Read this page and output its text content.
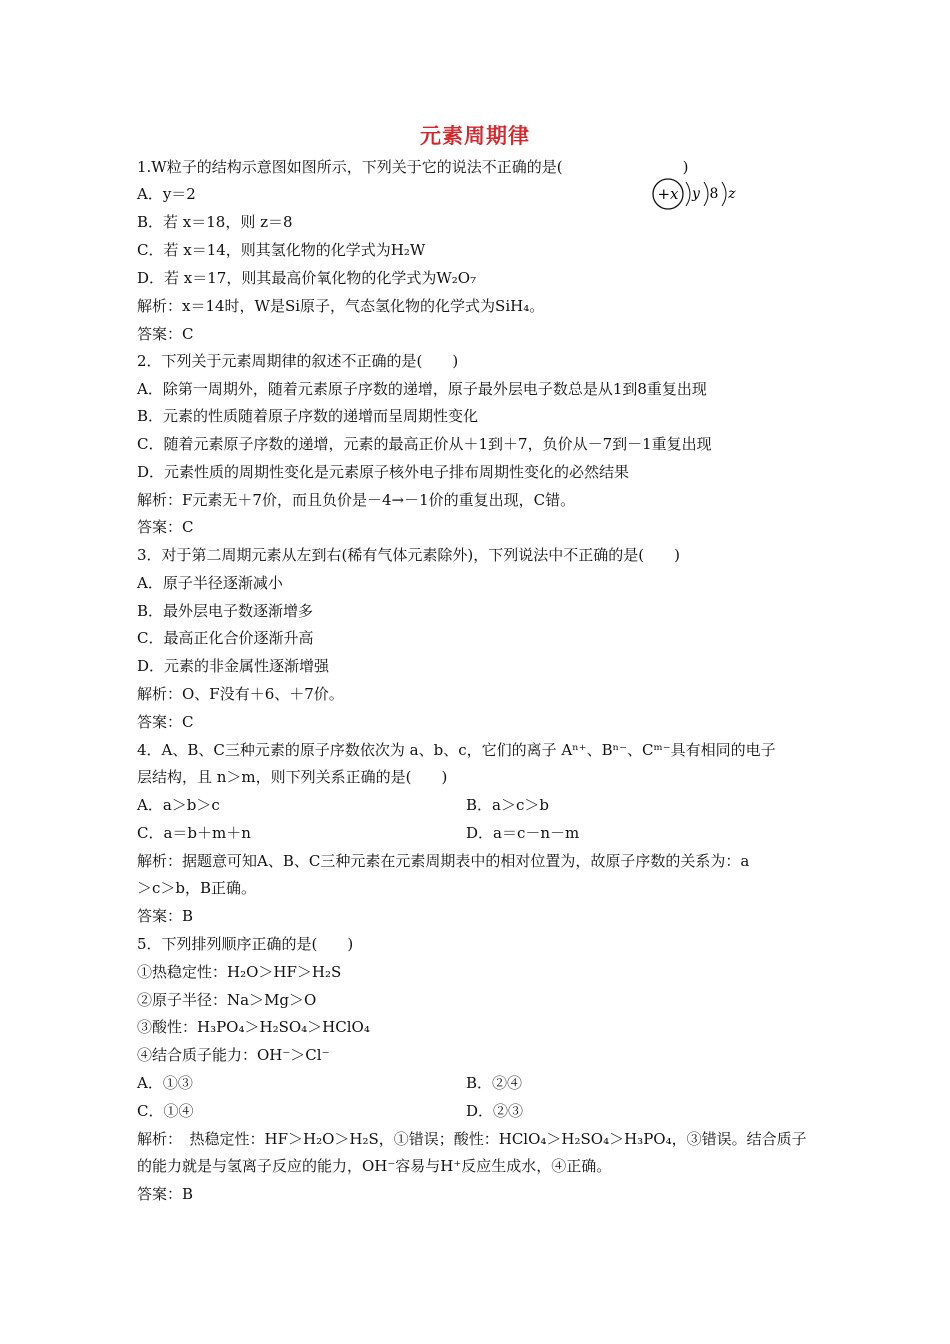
元素周期律
+x y 8 z
1.W粒子的结构示意图如图所示，下列关于它的说法不正确的是(　　　　　　　　)
A．y＝2
B．若 x＝18，则 z＝8
C．若 x＝14，则其氢化物的化学式为H₂W
D．若 x＝17，则其最高价氧化物的化学式为W₂O₇
解析：x＝14时，W是Si原子，气态氢化物的化学式为SiH₄。
答案：C
2．下列关于元素周期律的叙述不正确的是(　　)
A．除第一周期外，随着元素原子序数的递增，原子最外层电子数总是从1到8重复出现
B．元素的性质随着原子序数的递增而呈周期性变化
C．随着元素原子序数的递增，元素的最高正价从＋1到＋7，负价从－7到－1重复出现
D．元素性质的周期性变化是元素原子核外电子排布周期性变化的必然结果
解析：F元素无＋7价，而且负价是－4→－1价的重复出现，C错。
答案：C
3．对于第二周期元素从左到右(稀有气体元素除外)，下列说法中不正确的是(　　)
A．原子半径逐渐减小
B．最外层电子数逐渐增多
C．最高正化合价逐渐升高
D．元素的非金属性逐渐增强
解析：O、F没有＋6、＋7价。
答案：C
4．A、B、C三种元素的原子序数依次为 a、b、c，它们的离子 Aⁿ⁺、Bⁿ⁻、Cᵐ⁻具有相同的电子
层结构，且 n＞m，则下列关系正确的是(　　)
A．a＞b＞c	B．a＞c＞b
C．a＝b＋m＋n	D．a＝c－n－m
解析：据题意可知A、B、C三种元素在元素周期表中的相对位置为，故原子序数的关系为：a
＞c＞b，B正确。
答案：B
5．下列排列顺序正确的是(　　)
①热稳定性：H₂O＞HF＞H₂S
②原子半径：Na＞Mg＞O
③酸性：H₃PO₄＞H₂SO₄＞HClO₄
④结合质子能力：OH⁻＞Cl⁻
A．①③	B．②④
C．①④	D．②③
解析：　热稳定性：HF＞H₂O＞H₂S，①错误；酸性：HClO₄＞H₂SO₄＞H₃PO₄，③错误。结合质子
的能力就是与氢离子反应的能力，OH⁻容易与H⁺反应生成水，④正确。
答案：B
